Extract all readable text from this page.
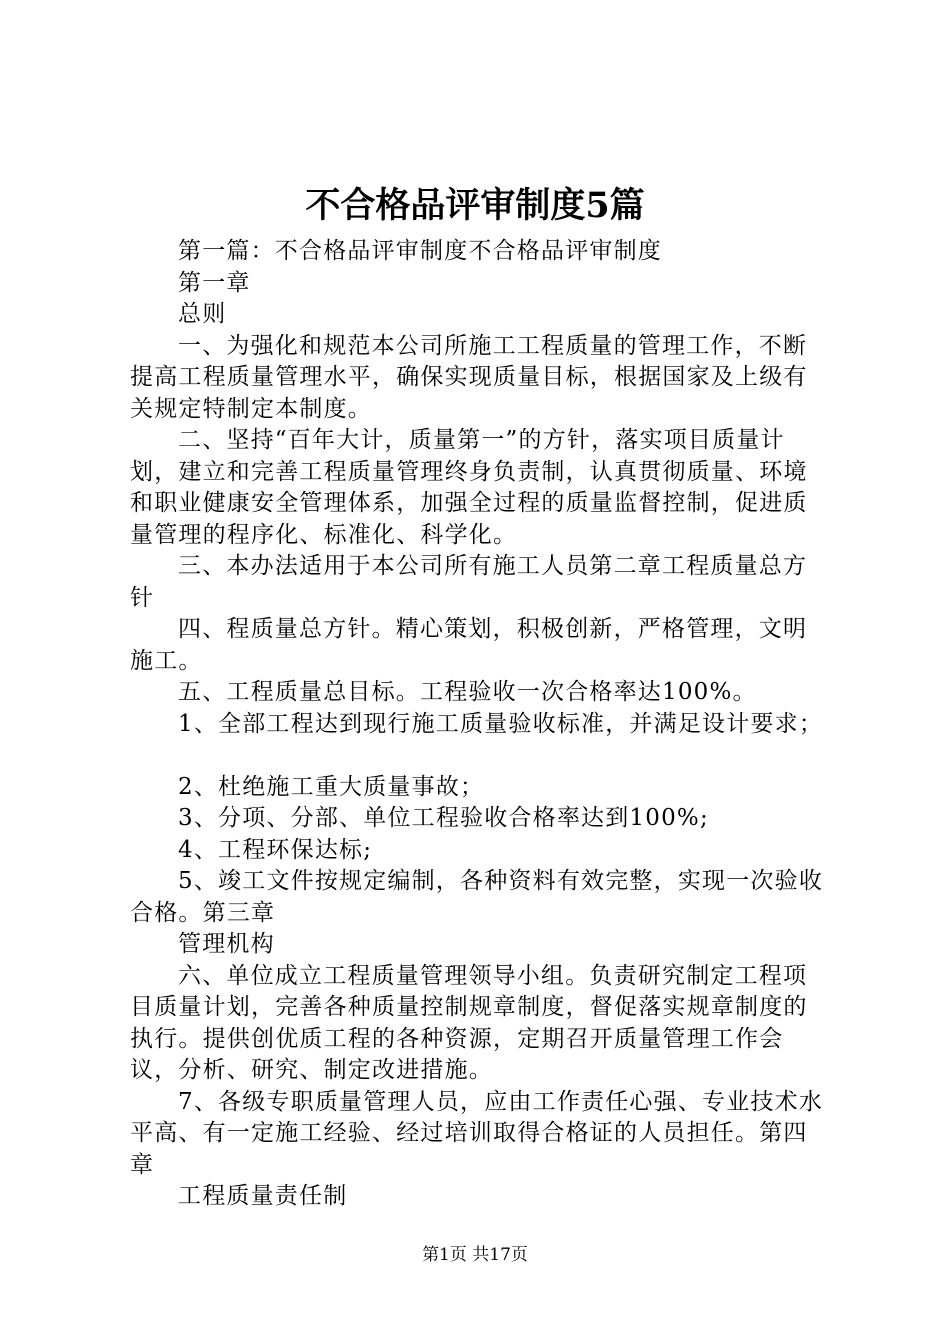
不合格品评审制度5篇

第一篇：不合格品评审制度不合格品评审制度

第一章

总则

一、为强化和规范本公司所施工工程质量的管理工作，不断提高工程质量管理水平，确保实现质量目标，根据国家及上级有关规定特制定本制度。

二、坚持“百年大计，质量第一”的方针，落实项目质量计划，建立和完善工程质量管理终身负责制，认真贯彻质量、环境和职业健康安全管理体系，加强全过程的质量监督控制，促进质量管理的程序化、标准化、科学化。

三、本办法适用于本公司所有施工人员第二章工程质量总方针

四、程质量总方针。精心策划，积极创新，严格管理，文明施工。

五、工程质量总目标。工程验收一次合格率达100%。

1、全部工程达到现行施工质量验收标准，并满足设计要求；

2、杜绝施工重大质量事故；

3、分项、分部、单位工程验收合格率达到100%;

4、工程环保达标;

5、竣工文件按规定编制，各种资料有效完整，实现一次验收合格。第三章

管理机构

六、单位成立工程质量管理领导小组。负责研究制定工程项目质量计划，完善各种质量控制规章制度，督促落实规章制度的执行。提供创优质工程的各种资源，定期召开质量管理工作会议，分析、研究、制定改进措施。

7、各级专职质量管理人员，应由工作责任心强、专业技术水平高、有一定施工经验、经过培训取得合格证的人员担任。第四章

工程质量责任制

第1页 共17页
